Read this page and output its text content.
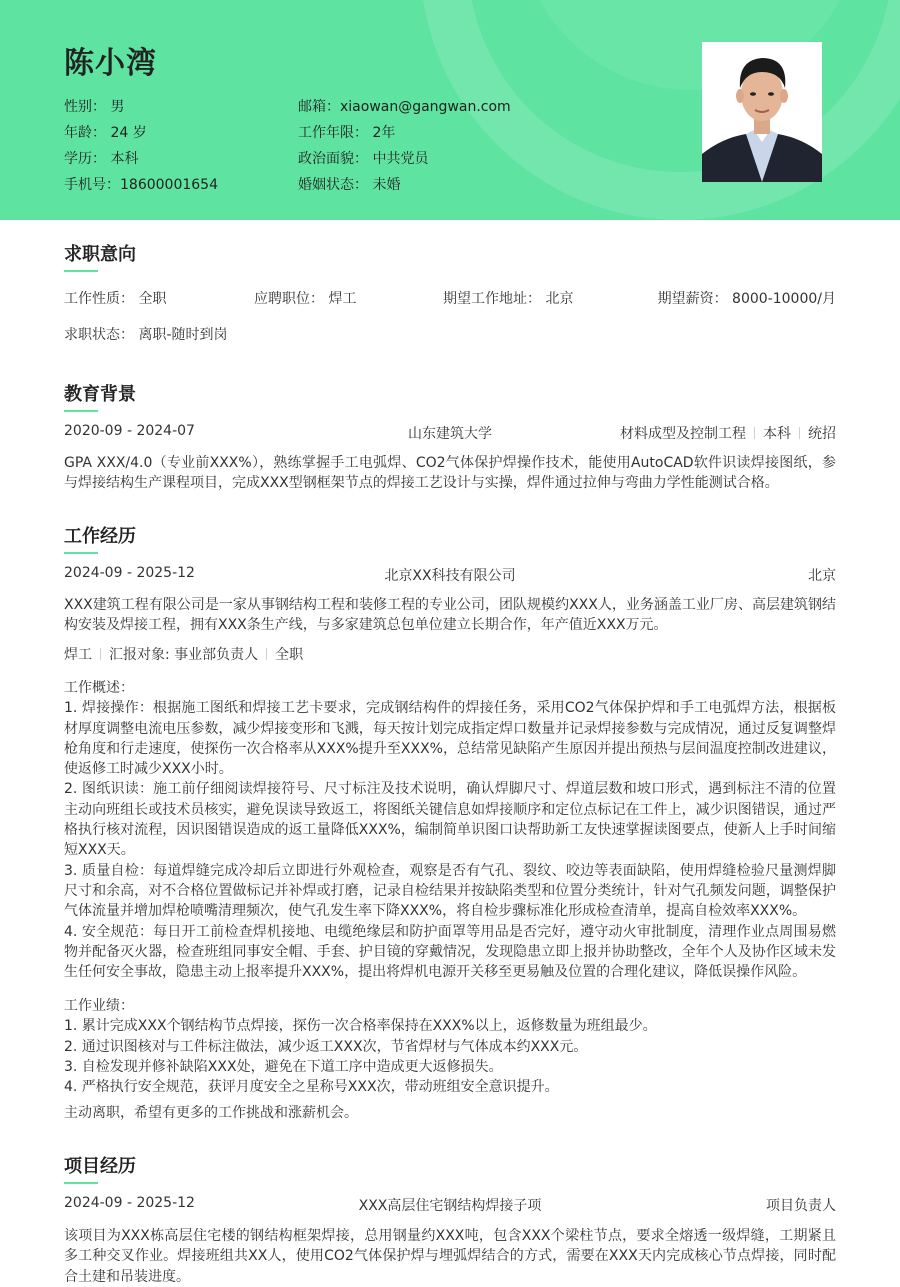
陈小湾
性别： 男
年龄： 24 岁
学历： 本科
手机号：18600001654
邮箱：xiaowan@gangwan.com
工作年限： 2年
政治面貌： 中共党员
婚姻状态： 未婚
求职意向
工作性质： 全职	应聘职位： 焊工	期望工作地址： 北京	期望薪资： 8000-10000/月
求职状态： 离职-随时到岗
教育背景
2020-09 - 2024-07	山东建筑大学	材料成型及控制工程 本科 统招

GPA XXX/4.0（专业前XXX%），熟练掌握手工电弧焊、CO2气体保护焊操作技术，能使用AutoCAD软件识读焊接图纸，参与焊接结构生产课程项目，完成XXX型钢框架节点的焊接工艺设计与实操，焊件通过拉伸与弯曲力学性能测试合格。

工作经历
2024-09 - 2025-12	北京XX科技有限公司	北京

XXX建筑工程有限公司是一家从事钢结构工程和装修工程的专业公司，团队规模约XXX人，业务涵盖工业厂房、高层建筑钢结构安装及焊接工程，拥有XXX条生产线，与多家建筑总包单位建立长期合作，年产值近XXX万元。

焊工 汇报对象: 事业部负责人 全职
工作概述：
1. 焊接操作：根据施工图纸和焊接工艺卡要求，完成钢结构件的焊接任务，采用CO2气体保护焊和手工电弧焊方法，根据板材厚度调整电流电压参数，减少焊接变形和飞溅，每天按计划完成指定焊口数量并记录焊接参数与完成情况，通过反复调整焊枪角度和行走速度，使探伤一次合格率从XXX%提升至XXX%，总结常见缺陷产生原因并提出预热与层间温度控制改进建议，使返修工时减少XXX小时。
2. 图纸识读：施工前仔细阅读焊接符号、尺寸标注及技术说明，确认焊脚尺寸、焊道层数和坡口形式，遇到标注不清的位置主动向班组长或技术员核实，避免误读导致返工，将图纸关键信息如焊接顺序和定位点标记在工件上，减少识图错误，通过严格执行核对流程，因识图错误造成的返工量降低XXX%，编制简单识图口诀帮助新工友快速掌握读图要点，使新人上手时间缩短XXX天。
3. 质量自检：每道焊缝完成冷却后立即进行外观检查，观察是否有气孔、裂纹、咬边等表面缺陷，使用焊缝检验尺量测焊脚尺寸和余高，对不合格位置做标记并补焊或打磨，记录自检结果并按缺陷类型和位置分类统计，针对气孔频发问题，调整保护气体流量并增加焊枪喷嘴清理频次，使气孔发生率下降XXX%，将自检步骤标准化形成检查清单，提高自检效率XXX%。
4. 安全规范：每日开工前检查焊机接地、电缆绝缘层和防护面罩等用品是否完好，遵守动火审批制度，清理作业点周围易燃物并配备灭火器，检查班组同事安全帽、手套、护目镜的穿戴情况，发现隐患立即上报并协助整改，全年个人及协作区域未发生任何安全事故，隐患主动上报率提升XXX%，提出将焊机电源开关移至更易触及位置的合理化建议，降低误操作风险。
工作业绩：
1. 累计完成XXX个钢结构节点焊接，探伤一次合格率保持在XXX%以上，返修数量为班组最少。
2. 通过识图核对与工件标注做法，减少返工XXX次，节省焊材与气体成本约XXX元。
3. 自检发现并修补缺陷XXX处，避免在下道工序中造成更大返修损失。
4. 严格执行安全规范，获评月度安全之星称号XXX次，带动班组安全意识提升。

主动离职，希望有更多的工作挑战和涨薪机会。

项目经历
2024-09 - 2025-12	XXX高层住宅钢结构焊接子项	项目负责人

该项目为XXX栋高层住宅楼的钢结构框架焊接，总用钢量约XXX吨，包含XXX个梁柱节点，要求全熔透一级焊缝，工期紧且多工种交叉作业。焊接班组共XX人，使用CO2气体保护焊与埋弧焊结合的方式，需要在XXX天内完成核心节点焊接，同时配合土建和吊装进度。
